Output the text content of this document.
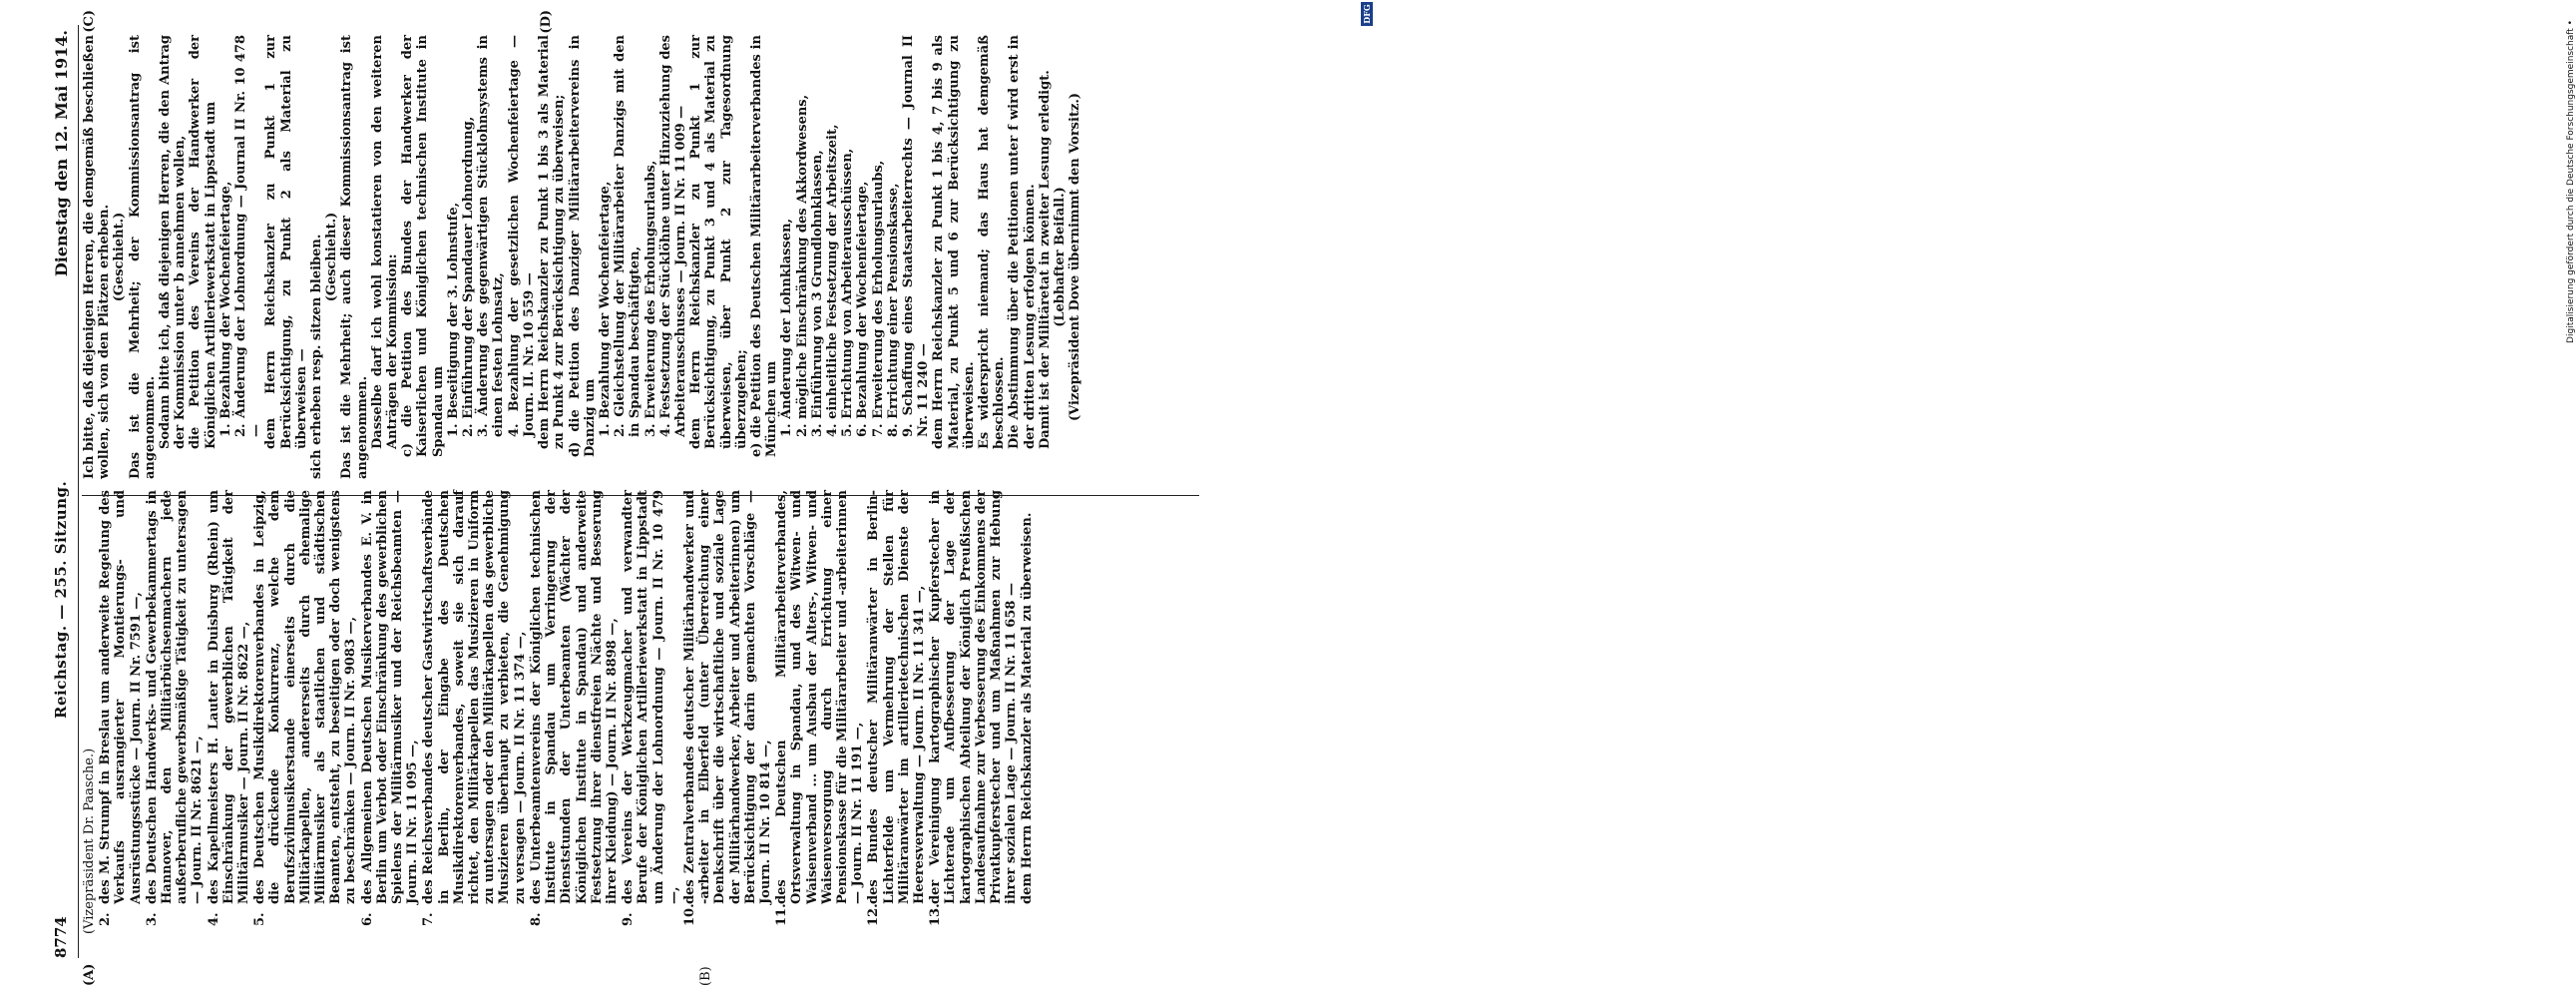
8774
Reichstag. — 255. Sitzung.
Dienstag den 12. Mai 1914.
(A)	(B)
(C)	(D)

(Vizepräsident Dr. Paasche.) 2.
des M. Strumpf in Breslau um anderweite Regelung des Verkaufs ausrangierter Montierungs- und Ausrüstungsstücke — Journ. II Nr. 7591 —,

3.
des Deutschen Handwerks- und Gewerbekammertags in Hannover, den Militärbüchsenmachern jede außerberufliche gewerbsmäßige Tätigkeit zu untersagen — Journ. II Nr. 8621 —,

4.
des Kapellmeisters H. Lauter in Duisburg (Rhein) um Einschränkung der gewerblichen Tätigkeit der Militärmusiker — Journ. II Nr. 8622 —,

5.
des Deutschen Musikdirektorenverbandes in Leipzig, die drückende Konkurrenz, welche dem Berufszivilmusikerstande einerseits durch die Militärkapellen, andererseits durch ehemalige Militärmusiker als staatlichen und städtischen Beamten, entsteht, zu beseitigen oder doch wenigstens zu beschränken — Journ. II Nr. 9083 —,

6.
des Allgemeinen Deutschen Musikerverbandes E. V. in Berlin um Verbot oder Einschränkung des gewerblichen Spielens der Militärmusiker und der Reichsbeamten — Journ. II Nr. 11 095 —,

7.
des Reichsverbandes deutscher Gastwirtschaftsverbände in Berlin, der Eingabe des Deutschen Musikdirektorenverbandes, soweit sie sich darauf richtet, den Militärkapellen das Musizieren in Uniform zu untersagen oder den Militärkapellen das gewerbliche Musizieren überhaupt zu verbieten, die Genehmigung zu versagen — Journ. II Nr. 11 374 —,

8.
des Unterbeamtenvereins der Königlichen technischen Institute in Spandau um Verringerung der Dienststunden der Unterbeamten (Wächter der Königlichen Institute in Spandau) und anderweite Festsetzung ihrer dienstfreien Nächte und Besserung ihrer Kleidung) — Journ. II Nr. 8898 —,

9.
des Vereins der Werkzeugmacher und verwandter Berufe der Königlichen Artilleriewerkstatt in Lippstadt um Änderung der Lohnordnung — Journ. II Nr. 10 479 —,

10.
des Zentralverbandes deutscher Militärhandwerker und -arbeiter in Elberfeld (unter Überreichung einer Denkschrift über die wirtschaftliche und soziale Lage der Militärhandwerker, Arbeiter und Arbeiterinnen) um Berücksichtigung der darin gemachten Vorschläge — Journ. II Nr. 10 814 —,

11.
des Deutschen Militärarbeiterverbandes, Ortsverwaltung in Spandau, und des Witwen- und Waisenverband ... um Ausbau der Alters-, Witwen- und Waisenversorgung durch Errichtung einer Pensionskasse für die Militärarbeiter und -arbeiterinnen — Journ. II Nr. 11 191 —,

12.
des Bundes deutscher Militäranwärter in Berlin-Lichterfelde um Vermehrung der Stellen für Militäranwärter im artillerietechnischen Dienste der Heeresverwaltung — Journ. II Nr. 11 341 —,

13.
der Vereinigung kartographischer Kupferstecher in Lichterade um Aufbesserung der Lage der kartographischen Abteilung der Königlich Preußischen Landesaufnahme zur Verbesserung des Einkommens der Privatkupferstecher und um Maßnahmen zur Hebung ihrer sozialen Lage — Journ. II Nr. 11 658 — dem Herrn Reichskanzler als Material zu überweisen.

Ich bitte, daß diejenigen Herren, die demgemäß beschließen wollen, sich von den Plätzen erheben. (Geschieht.) Das ist die Mehrheit; der Kommissionsantrag ist angenommen. Sodann bitte ich, daß diejenigen Herren, die den Antrag der Kommission unter b annehmen wollen, die Petition des Vereins der Handwerker der Königlichen Artilleriewerkstatt in Lippstadt um 1. Bezahlung der Wochenfeiertage, 2. Änderung der Lohnordnung — Journal II Nr. 10 478 — dem Herrn Reichskanzler zu Punkt 1 zur Berücksichtigung, zu Punkt 2 als Material zu überweisen — sich erheben resp. sitzen bleiben. (Geschieht.) Das ist die Mehrheit; auch dieser Kommissionsantrag ist angenommen. Dasselbe darf ich wohl konstatieren von den weiteren Anträgen der Kommission: c) die Petition des Bundes der Handwerker der Kaiserlichen und Königlichen technischen Institute in Spandau um 1. Beseitigung der 3. Lohnstufe, 2. Einführung der Spandauer Lohnordnung, 3. Änderung des gegenwärtigen Stücklohnsystems in einen festen Lohnsatz, 4. Bezahlung der gesetzlichen Wochenfeiertage — Journ. II. Nr. 10 559 — dem Herrn Reichskanzler zu Punkt 1 bis 3 als Material zu Punkt 4 zur Berücksichtigung zu überweisen; d) die Petition des Danziger Militärarbeitervereins in Danzig um 1. Bezahlung der Wochenfeiertage, 2. Gleichstellung der Militärarbeiter Danzigs mit den in Spandau beschäftigten, 3. Erweiterung des Erholungsurlaubs, 4. Festsetzung der Stücklöhne unter Hinzuziehung des Arbeiterausschusses — Journ. II Nr. 11 009 — dem Herrn Reichskanzler zu Punkt 1 zur Berücksichtigung, zu Punkt 3 und 4 als Material zu überweisen, über Punkt 2 zur Tagesordnung überzugehen; e) die Petition des Deutschen Militärarbeiterverbandes in München um 1. Änderung der Lohnklassen, 2. mögliche Einschränkung des Akkordwesens, 3. Einführung von 3 Grundlohnklassen, 4. einheitliche Festsetzung der Arbeitszeit, 5. Errichtung von Arbeiterausschüssen, 6. Bezahlung der Wochenfeiertage, 7. Erweiterung des Erholungsurlaubs, 8. Errichtung einer Pensionskasse, 9. Schaffung eines Staatsarbeiterrechts — Journal II Nr. 11 240 — dem Herrn Reichskanzler zu Punkt 1 bis 4, 7 bis 9 als Material, zu Punkt 5 und 6 zur Berücksichtigung zu überweisen. Es widerspricht niemand; das Haus hat demgemäß beschlossen. Die Abstimmung über die Petitionen unter f wird erst in der dritten Lesung erfolgen können. Damit ist der Militäretat in zweiter Lesung erledigt. (Lebhafter Beifall.) (Vizepräsident Dove übernimmt den Vorsitz.)	Digitalisierung gefördert durch die Deutsche Forschungsgemeinschaft •
DFG
